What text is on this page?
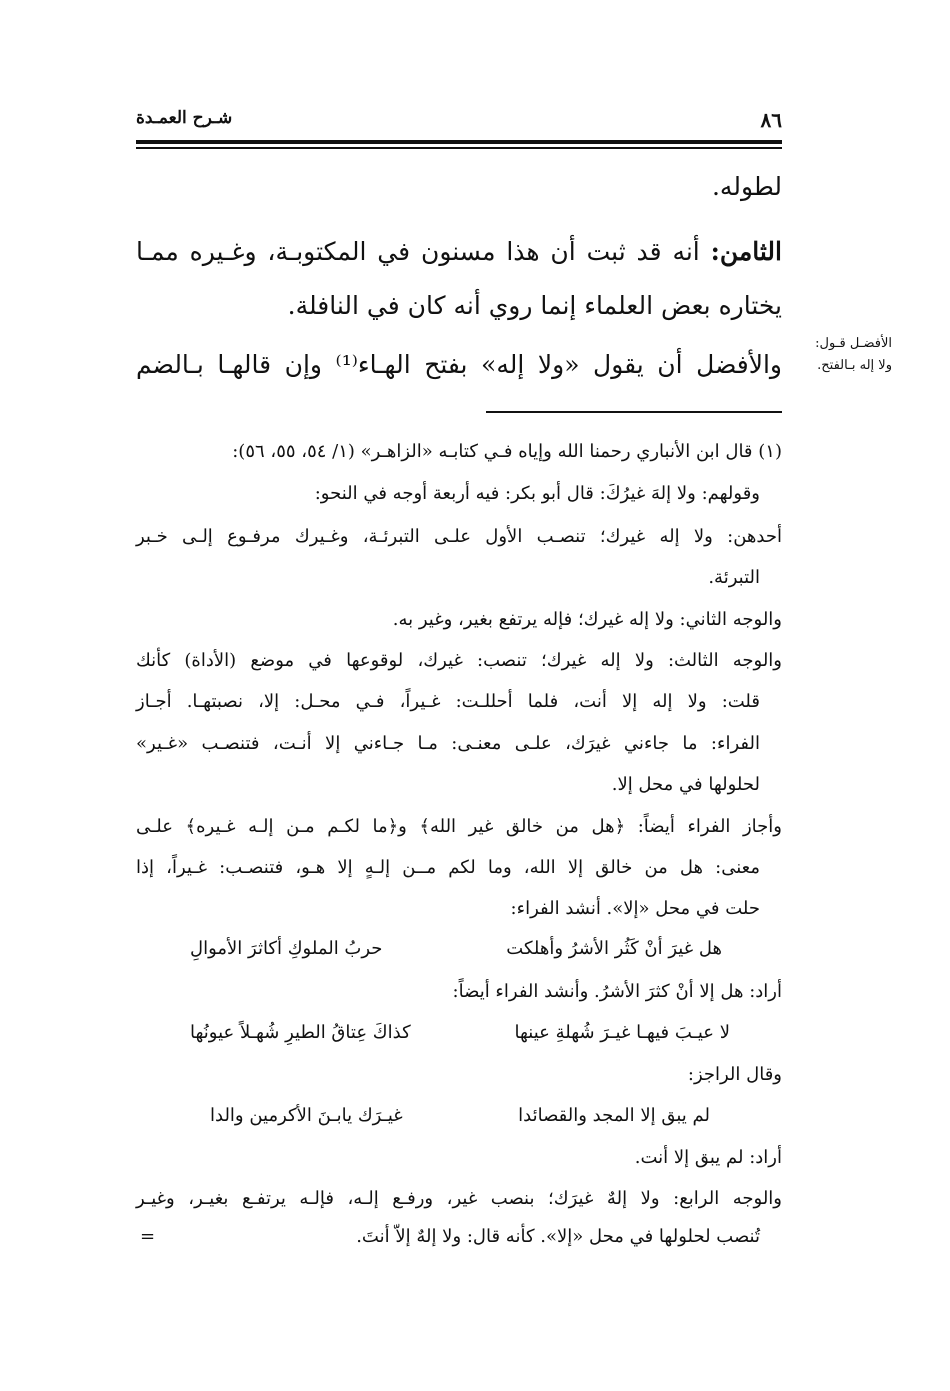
٨٦
شـرح العمـدة
لطوله.
الثامن: أنه قد ثبت أن هذا مسنون في المكتوبـة، وغـيره ممـا
يختاره بعض العلماء إنما روي أنه كان في النافلة.
والأفضل أن يقول «ولا إله» بفتح الهـاء⁽¹⁾ وإن قالهـا بـالضم
الأفضـل قـول:
ولا إله بـالفتح.
(١) قال ابن الأنباري رحمنا الله وإياه فـي كتابـه «الزاهـر» (١/ ٥٤، ٥٥، ٥٦):
وقولهم: ولا إلهَ غيرُكَ: قال أبو بكر: فيه أربعة أوجه في النحو:
أحدهن: ولا إله غيرك؛ تنصـب الأول علـى التبرئـة، وغـيرك مرفـوع إلـى خـبر
التبرئة.
والوجه الثاني: ولا إله غيرك؛ فإله يرتفع بغير، وغير به.
والوجه الثالث: ولا إله غيرك؛ تنصب: غيرك، لوقوعها في موضع (الأداة) كأنك
قلت: ولا إله إلا أنت، فلما أحللـت: غـيراً، فـي محـل: إلا، نصبتهـا. أجـاز
الفراء: ما جاءني غيرَك، علـى معنـى: مـا جـاءني إلا أنـت، فتنصـب «غـير»
لحلولها في محل إلا.
وأجاز الفراء أيضاً: ﴿هل من خالق غير الله﴾ و﴿ما لكـم مـن إلـه غـيره﴾ علـى
معنى: هل من خالق إلا الله، وما لكم مــن إلـهٍ إلا هـو، فتنصـب: غـيراً، إذا
حلت في محل «إلا». أنشد الفراء:
هل غيرَ أنْ كَثُر الأشرُ وأهلكت
حربُ الملوكِ أكاثرَ الأموالِ
أراد: هل إلا أنْ كثرَ الأشرُ. وأنشد الفراء أيضاً:
لا عيـبَ فيهـا غيـرَ شُهلةِ عينها
كذاكَ عِتاقُ الطيرِ شُهـلاً عيونُها
وقال الراجز:
لم يبق إلا المجد والقصائدا
غيـرَك يابـنَ الأكرمين والدا
أراد: لم يبق إلا أنت.
والوجه الرابع: ولا إلهٌ غيرَك؛ بنصب غير، ورفـع إلـه، فإلـه يرتفـع بغيـر، وغيـر
تُنصب لحلولها في محل «إلا». كأنه قال: ولا إلهٌ إلاّ أنتَ.
=
